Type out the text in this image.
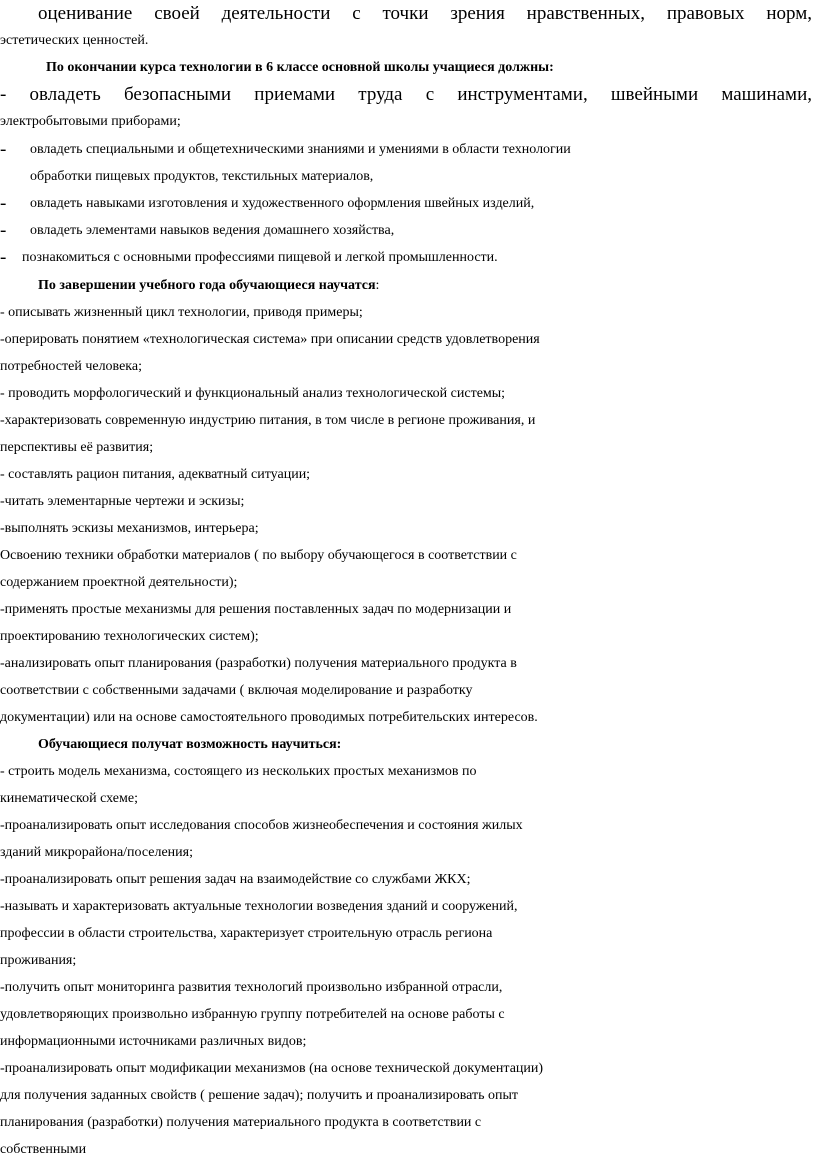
оценивание своей деятельности с точки зрения нравственных, правовых норм,
эстетических ценностей.
По окончании курса технологии в 6 классе основной школы учащиеся должны:
- овладеть безопасными приемами труда с инструментами, швейными машинами,
электробытовыми приборами;
- овладеть специальными и общетехническими знаниями и умениями в области технологии
обработки пищевых продуктов, текстильных материалов,
- овладеть навыками изготовления и художественного оформления швейных изделий,
- овладеть элементами навыков ведения домашнего хозяйства,
- познакомиться с основными профессиями пищевой и легкой промышленности.
По завершении учебного года обучающиеся научатся:
- описывать жизненный цикл технологии, приводя примеры;
-оперировать понятием «технологическая система» при описании средств удовлетворения
потребностей человека;
- проводить морфологический и функциональный анализ технологической системы;
-характеризовать современную индустрию питания, в том числе в регионе проживания, и
перспективы её развития;
- составлять рацион питания, адекватный ситуации;
-читать элементарные чертежи и эскизы;
-выполнять эскизы механизмов, интерьера;
Освоению техники обработки материалов ( по выбору обучающегося в соответствии с
содержанием проектной деятельности);
-применять простые механизмы для решения поставленных задач по модернизации и
проектированию технологических систем);
-анализировать опыт планирования (разработки) получения материального продукта в
соответствии с собственными задачами ( включая моделирование и разработку
документации) или на основе самостоятельного проводимых потребительских интересов.
Обучающиеся получат возможность научиться:
- строить модель механизма, состоящего из нескольких простых механизмов по
кинематической схеме;
-проанализировать опыт исследования способов жизнеобеспечения и состояния жилых
зданий микрорайона/поселения;
-проанализировать опыт решения задач на взаимодействие со службами ЖКХ;
-называть и характеризовать актуальные технологии возведения зданий и сооружений,
профессии в области строительства, характеризует строительную отрасль региона
проживания;
-получить опыт мониторинга развития технологий произвольно избранной отрасли,
удовлетворяющих произвольно избранную группу потребителей на основе работы с
информационными источниками различных видов;
-проанализировать опыт модификации механизмов (на основе технической документации)
для получения заданных свойств ( решение задач); получить и проанализировать опыт
планирования (разработки) получения материального продукта в соответствии с
собственными
